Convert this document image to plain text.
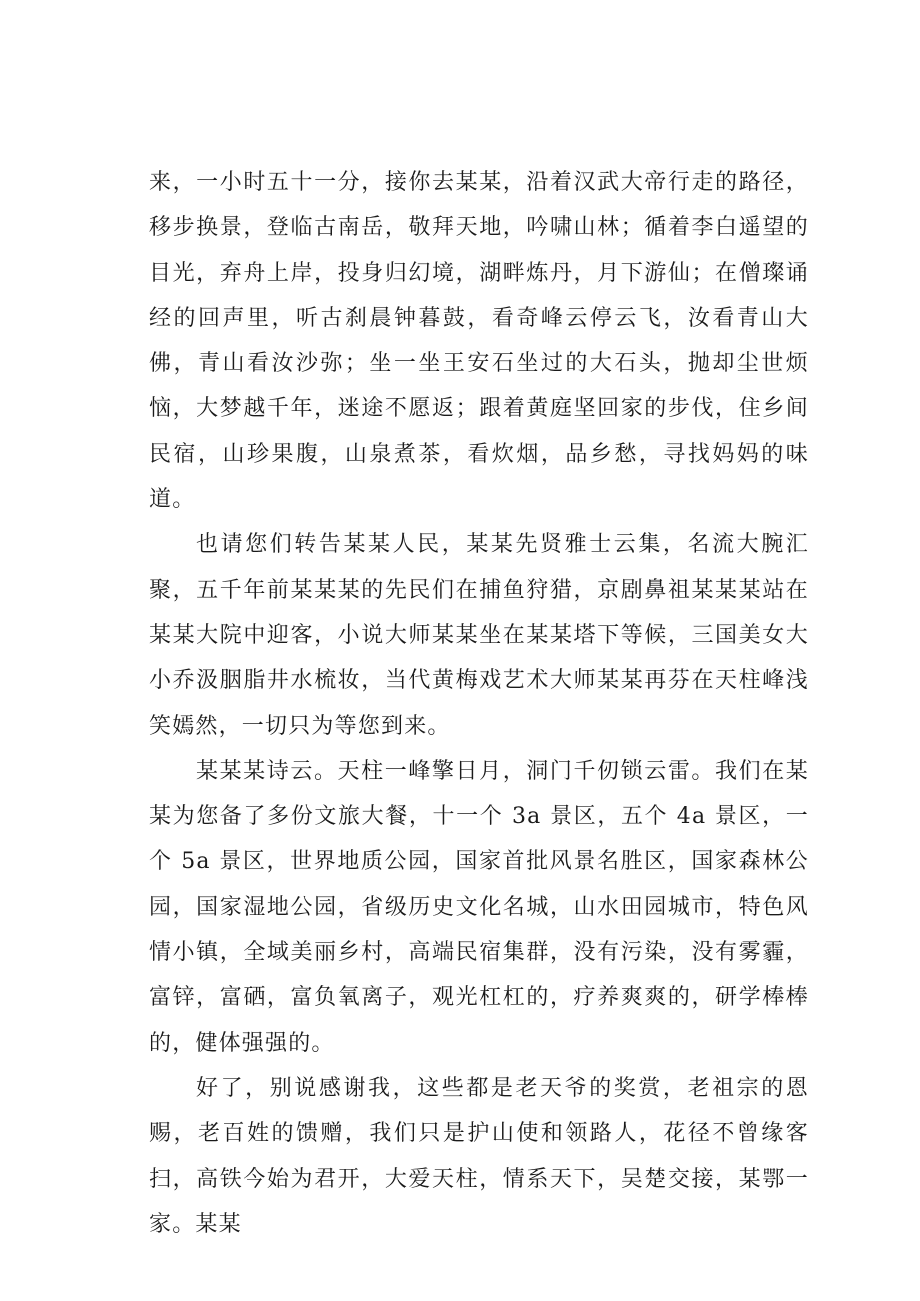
来，一小时五十一分，接你去某某，沿着汉武大帝行走的路径，移步换景，登临古南岳，敬拜天地，吟啸山林；循着李白遥望的目光，弃舟上岸，投身归幻境，湖畔炼丹，月下游仙；在僧璨诵经的回声里，听古刹晨钟暮鼓，看奇峰云停云飞，汝看青山大佛，青山看汝沙弥；坐一坐王安石坐过的大石头，抛却尘世烦恼，大梦越千年，迷途不愿返；跟着黄庭坚回家的步伐，住乡间民宿，山珍果腹，山泉煮茶，看炊烟，品乡愁，寻找妈妈的味道。

也请您们转告某某人民，某某先贤雅士云集，名流大腕汇聚，五千年前某某某的先民们在捕鱼狩猎，京剧鼻祖某某某站在某某大院中迎客，小说大师某某坐在某某塔下等候，三国美女大小乔汲胭脂井水梳妆，当代黄梅戏艺术大师某某再芬在天柱峰浅笑嫣然，一切只为等您到来。

某某某诗云。天柱一峰擎日月，洞门千仞锁云雷。我们在某某为您备了多份文旅大餐，十一个 3a 景区，五个 4a 景区，一个 5a 景区，世界地质公园，国家首批风景名胜区，国家森林公园，国家湿地公园，省级历史文化名城，山水田园城市，特色风情小镇，全域美丽乡村，高端民宿集群，没有污染，没有雾霾，富锌，富硒，富负氧离子，观光杠杠的，疗养爽爽的，研学棒棒的，健体强强的。

好了，别说感谢我，这些都是老天爷的奖赏，老祖宗的恩赐，老百姓的馈赠，我们只是护山使和领路人，花径不曾缘客扫，高铁今始为君开，大爱天柱，情系天下，吴楚交接，某鄂一家。某某
